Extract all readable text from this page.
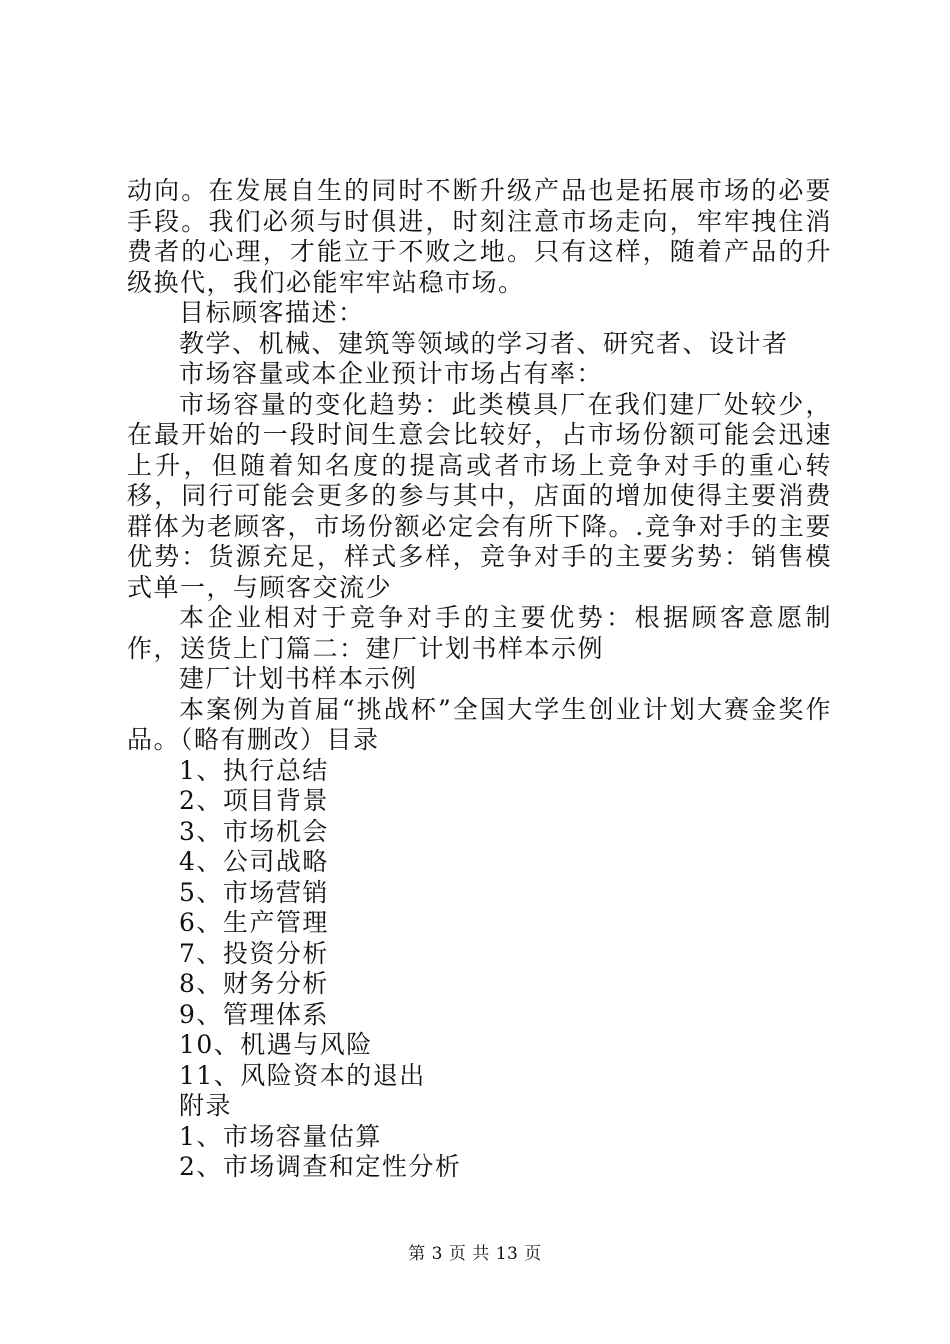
动向。在发展自生的同时不断升级产品也是拓展市场的必要手段。我们必须与时俱进，时刻注意市场走向，牢牢拽住消费者的心理，才能立于不败之地。只有这样，随着产品的升级换代，我们必能牢牢站稳市场。

目标顾客描述：

教学、机械、建筑等领域的学习者、研究者、设计者

市场容量或本企业预计市场占有率：

市场容量的变化趋势：此类模具厂在我们建厂处较少，在最开始的一段时间生意会比较好，占市场份额可能会迅速上升，但随着知名度的提高或者市场上竞争对手的重心转移，同行可能会更多的参与其中，店面的增加使得主要消费群体为老顾客，市场份额必定会有所下降。.竞争对手的主要优势：货源充足，样式多样，竞争对手的主要劣势：销售模式单一，与顾客交流少

本企业相对于竞争对手的主要优势：根据顾客意愿制作，送货上门篇二：建厂计划书样本示例

建厂计划书样本示例

本案例为首届“挑战杯”全国大学生创业计划大赛金奖作品。（略有删改）目录

1、执行总结

2、项目背景

3、市场机会

4、公司战略

5、市场营销

6、生产管理

7、投资分析

8、财务分析

9、管理体系

10、机遇与风险

11、风险资本的退出

附录

1、市场容量估算

2、市场调查和定性分析

第 3 页 共 13 页
